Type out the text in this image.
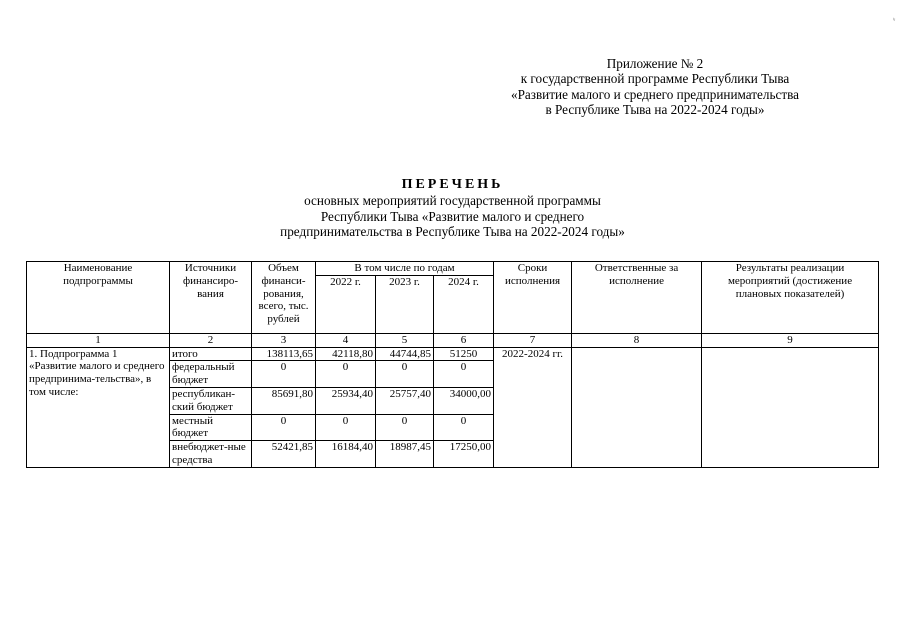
⸗
Приложение № 2
к государственной программе Республики Тыва
«Развитие малого и среднего предпринимательства
в Республике Тыва на 2022-2024 годы»
ПЕРЕЧЕНЬ
основных мероприятий государственной программы
Республики Тыва «Развитие малого и среднего
предпринимательства в Республике Тыва на 2022-2024 годы»
Наименование подпрограммы	Источники финансиро-вания	Объем финанси-рования, всего, тыс. рублей	В том числе по годам			Сроки исполнения	Ответственные за исполнение	Результаты реализации мероприятий (достижение плановых показателей)
			2022 г.	2023 г.	2024 г.			
1	2	3	4	5	6	7	8	9
1. Подпрограмма 1 «Развитие малого и среднего предпринима-тельства», в том числе:	итого	138113,65	42118,80	44744,85	51250	2022-2024 гг.		
	федеральный бюджет	0	0	0	0			
	республикан-ский бюджет	85691,80	25934,40	25757,40	34000,00			
	местный бюджет	0	0	0	0			
	внебюджет-ные средства	52421,85	16184,40	18987,45	17250,00			
